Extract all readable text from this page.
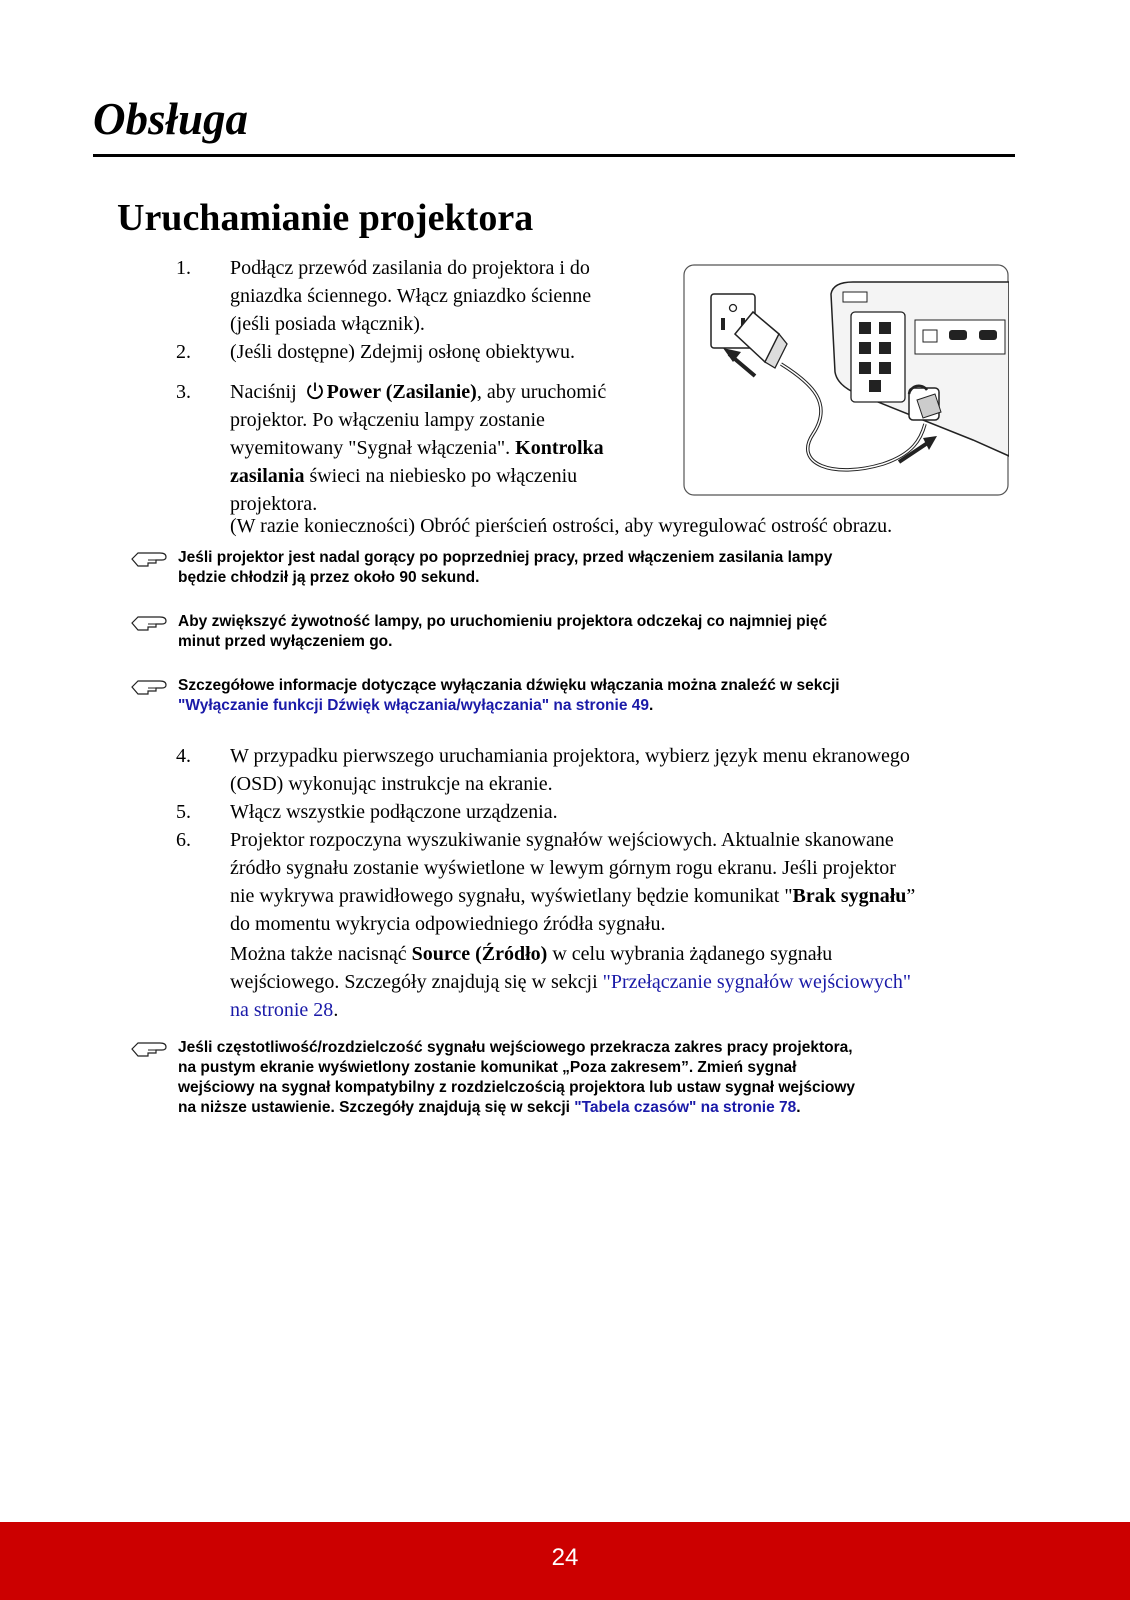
Obsługa
Uruchamianie projektora
1. Podłącz przewód zasilania do projektora i do
gniazdka ściennego. Włącz gniazdko ścienne
(jeśli posiada włącznik).
2. (Jeśli dostępne) Zdejmij osłonę obiektywu.
3. Naciśnij Power (Zasilanie), aby uruchomić
projektor. Po włączeniu lampy zostanie
wyemitowany "Sygnał włączenia". Kontrolka
zasilania świeci na niebiesko po włączeniu
projektora.
(W razie konieczności) Obróć pierścień ostrości, aby wyregulować ostrość obrazu.
Jeśli projektor jest nadal gorący po poprzedniej pracy, przed włączeniem zasilania lampy
będzie chłodził ją przez około 90 sekund.
Aby zwiększyć żywotność lampy, po uruchomieniu projektora odczekaj co najmniej pięć
minut przed wyłączeniem go.
Szczegółowe informacje dotyczące wyłączania dźwięku włączania można znaleźć w sekcji
"Wyłączanie funkcji Dźwięk włączania/wyłączania" na stronie 49.
4. W przypadku pierwszego uruchamiania projektora, wybierz język menu ekranowego
(OSD) wykonując instrukcje na ekranie.
5. Włącz wszystkie podłączone urządzenia.
6. Projektor rozpoczyna wyszukiwanie sygnałów wejściowych. Aktualnie skanowane
źródło sygnału zostanie wyświetlone w lewym górnym rogu ekranu. Jeśli projektor
nie wykrywa prawidłowego sygnału, wyświetlany będzie komunikat "Brak sygnału”
do momentu wykrycia odpowiedniego źródła sygnału.
Można także nacisnąć Source (Źródło) w celu wybrania żądanego sygnału
wejściowego. Szczegóły znajdują się w sekcji "Przełączanie sygnałów wejściowych"
na stronie 28.
Jeśli częstotliwość/rozdzielczość sygnału wejściowego przekracza zakres pracy projektora,
na pustym ekranie wyświetlony zostanie komunikat „Poza zakresem”. Zmień sygnał
wejściowy na sygnał kompatybilny z rozdzielczością projektora lub ustaw sygnał wejściowy
na niższe ustawienie. Szczegóły znajdują się w sekcji "Tabela czasów" na stronie 78.
24
